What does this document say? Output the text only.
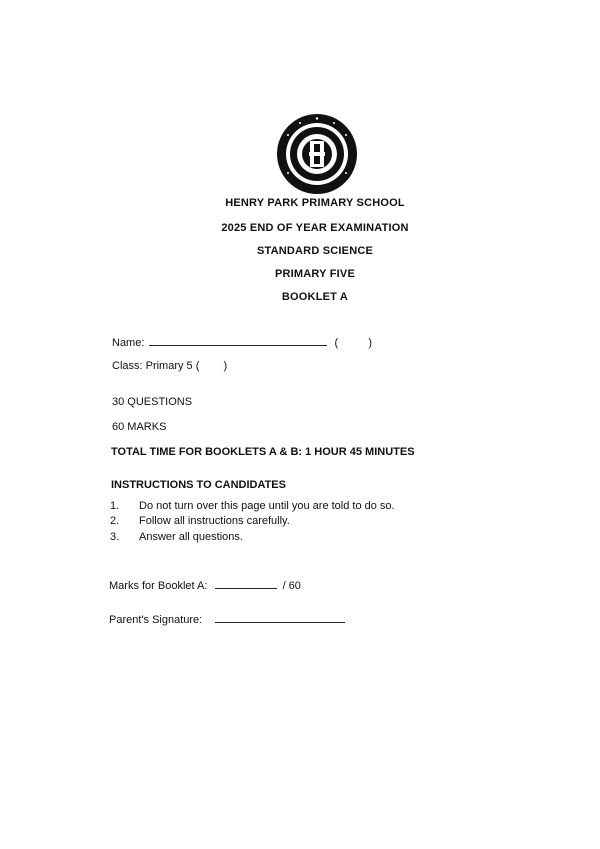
HENRY PARK PRIMARY SCHOOL
2025 END OF YEAR EXAMINATION
STANDARD SCIENCE
PRIMARY FIVE
BOOKLET A
Name:	(	)
Class: Primary 5 ( )
30 QUESTIONS
60 MARKS
TOTAL TIME FOR BOOKLETS A & B: 1 HOUR 45 MINUTES
INSTRUCTIONS TO CANDIDATES
1. Do not turn over this page until you are told to do so.
2. Follow all instructions carefully.
3. Answer all questions.
Marks for Booklet A:	/ 60
Parent's Signature:
